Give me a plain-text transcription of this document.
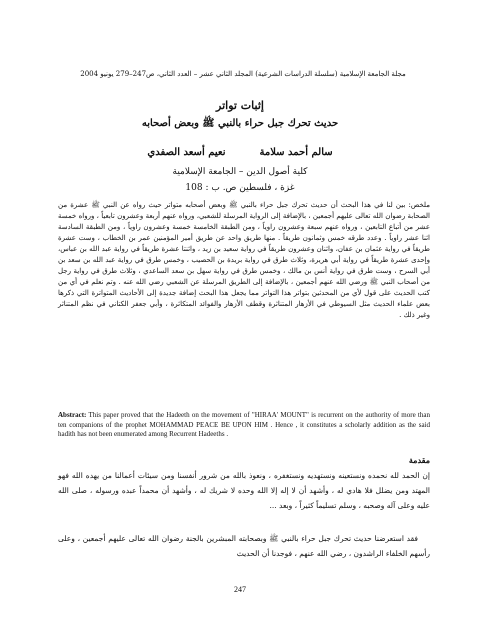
مجلة الجامعة الإسلامية (سلسلة الدراسات الشرعية) المجلد الثاني عشر – العدد الثاني، ص247–279 يونيو 2004
إثبات تواتر
حديث تحرك جبل حراء بالنبي ﷺ وبعض أصحابه
سالم أحمد سلامة
نعيم أسعد الصفدي
كلية أصول الدين – الجامعة الإسلامية
غزة ، فلسطين ص. ب : 108
ملخص: بين لنا في هذا البحث أن حديث تحرك جبل حراء بالنبي ﷺ وبعض أصحابه متواتر حيث رواه عن النبي ﷺ عشرة من الصحابة رضوان الله تعالى عليهم أجمعين ، بالإضافة إلى الرواية المرسلة للشعبي، ورواه عنهم أربعة وعشرون تابعياً ، ورواه خمسة عشر من أتباع التابعين ، ورواه عنهم سبعة وعشرون راوياً ، ومن الطبقة الخامسة خمسة وعشرون راوياً ، ومن الطبقة السادسة اثنا عشر راوياً . وعدد طرقه خمس وثمانون طريقاً . منها طريق واحد عن طريق أمير المؤمنين عمر بن الخطاب ، وست عشرة طريقاً في رواية عثمان بن عفان، واثنان وعشرون طريقاً في رواية سعيد بن زيد ، واثنتا عشرة طريقاً في رواية عبد الله بن عباس، وإحدى عشرة طريقاً في رواية أبي هريرة، وثلاث طرق في رواية بريدة بن الحصيب ، وخمس طرق في رواية عبد الله بن سعد بن أبي السرح ، وست طرق في رواية أنس بن مالك ، وخمس طرق في رواية سهل بن سعد الساعدي ، وثلاث طرق في رواية رجل من أصحاب النبي ﷺ ورضي الله عنهم أجمعين ، بالإضافة إلى الطريق المرسلة عن الشعبي رضي الله عنه . وتم نعلم في أي من كتب الحديث على قول لأي من المحدثين بتواتر هذا التواتر مما يجعل هذا البحث إضافة جديدة إلى الأحاديث المتواترة التي ذكرها بعض علماء الحديث مثل السيوطي في الأزهار المتناثرة وقطف الأزهار والفوائد المتكاثرة ، وأبي جعفر الكتاني في نظم المتناثر وغير ذلك .
Abstract: This paper proved that the Hadeeth on the movement of "HIRAA' MOUNT" is recurrent on the authority of more than ten companions of the prophet MOHAMMAD PEACE BE UPON HIM . Hence , it constitutes a scholarly addition as the said hadith has not been enumerated among Recurrent Hadeeths .
مقدمة
إن الحمد لله نحمده ونستعينه ونستهديه ونستغفره ، ونعوذ بالله من شرور أنفسنا ومن سيئات أعمالنا من يهده الله فهو المهتد ومن يضلل فلا هادي له ، وأشهد أن لا إله إلا الله وحده لا شريك له ، وأشهد أن محمداً عبده ورسوله ، صلى الله عليه وعلى آله وصحبه ، وسلم تسليماً كثيراً ، وبعد ...
فقد استعرضنا حديث تحرك جبل حراء بالنبي ﷺ وبصحابته المبشرين بالجنة رضوان الله تعالى عليهم أجمعين ، وعلى رأسهم الخلفاء الراشدون ، رضي الله عنهم ، فوجدنا أن الحديث
247
